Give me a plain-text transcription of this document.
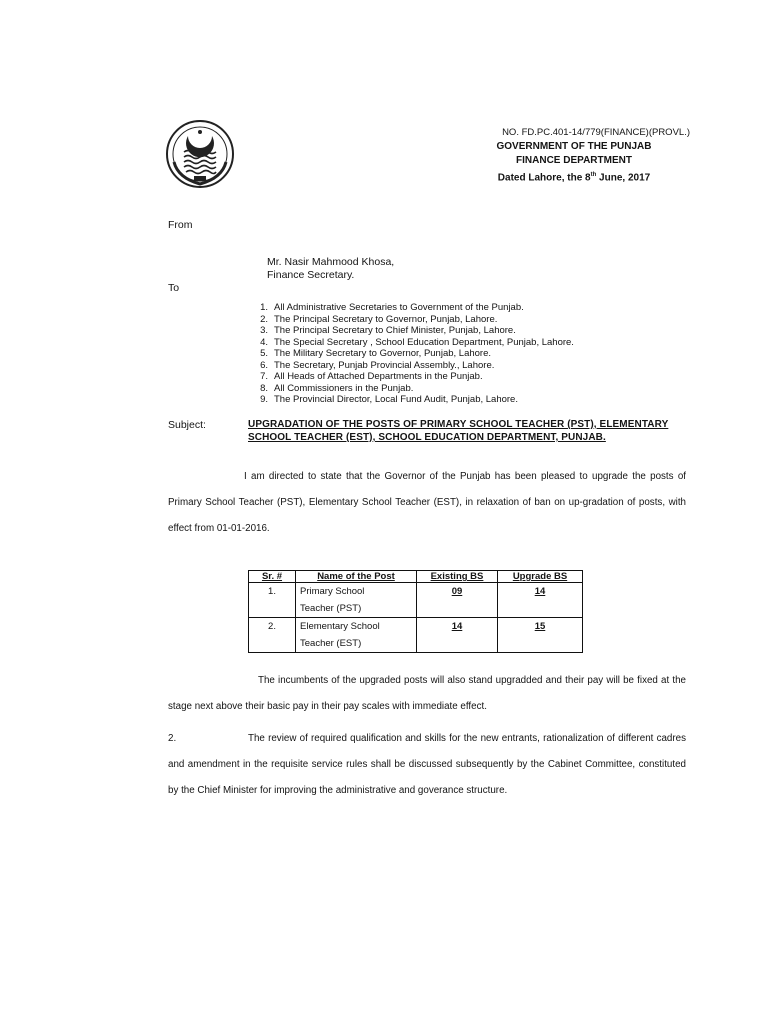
NO. FD.PC.401-14/779(FINANCE)(PROVL.)
GOVERNMENT OF THE PUNJAB
FINANCE DEPARTMENT
Dated Lahore, the 8th June, 2017
From
Mr. Nasir Mahmood Khosa,
Finance Secretary.
To
1. All Administrative Secretaries to Government of the Punjab.
2. The Principal Secretary to Governor, Punjab, Lahore.
3. The Principal Secretary to Chief Minister, Punjab, Lahore.
4. The Special Secretary , School Education Department, Punjab, Lahore.
5. The Military Secretary to Governor, Punjab, Lahore.
6. The Secretary, Punjab Provincial Assembly., Lahore.
7. All Heads of Attached Departments in the Punjab.
8. All Commissioners in the Punjab.
9. The Provincial Director, Local Fund Audit, Punjab, Lahore.
Subject:	UPGRADATION OF THE POSTS OF PRIMARY SCHOOL TEACHER (PST), ELEMENTARY SCHOOL TEACHER (EST), SCHOOL EDUCATION DEPARTMENT, PUNJAB.
I am directed to state that the Governor of the Punjab has been pleased to upgrade the posts of Primary School Teacher (PST), Elementary School Teacher (EST), in relaxation of ban on up-gradation of posts, with effect from 01-01-2016.
Sr. #	Name of the Post	Existing BS	Upgrade BS
1.	Primary School
Teacher (PST)	09	14
2.	Elementary School
Teacher (EST)	14	15
The incumbents of the upgraded posts will also stand upgradded and their pay will be fixed at the stage next above their basic pay in their pay scales with immediate effect.
2.	The review of required qualification and skills for the new entrants, rationalization of different cadres and amendment in the requisite service rules shall be discussed subsequently by the Cabinet Committee, constituted by the Chief Minister for improving the administrative and goverance structure.
